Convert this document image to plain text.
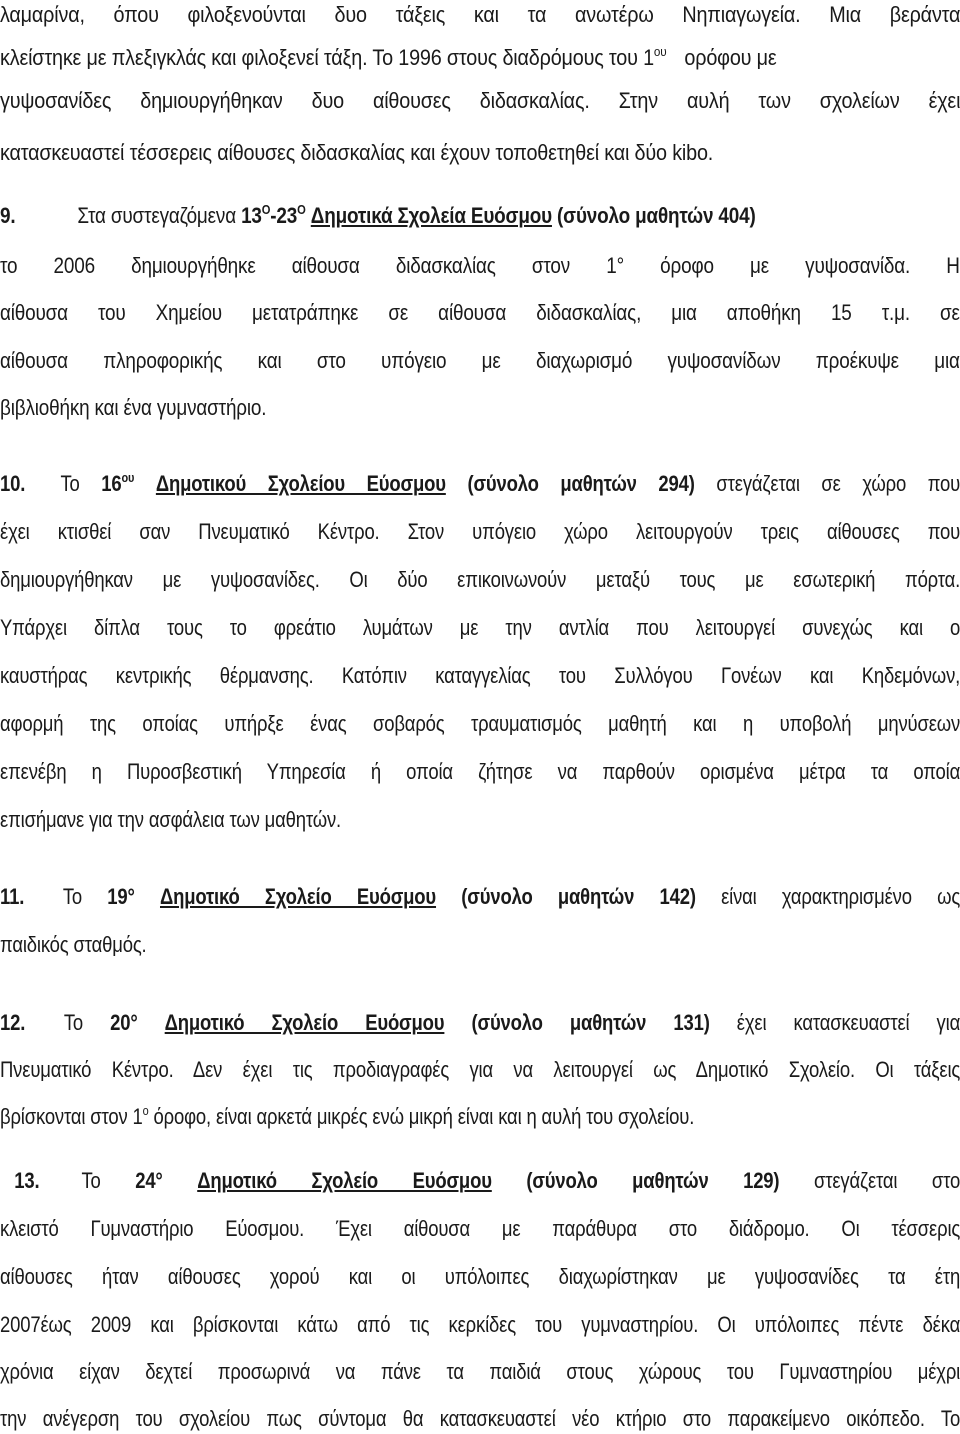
λαμαρίνα, όπου φιλοξενούνται δυο τάξεις και τα ανωτέρω Νηπιαγωγεία. Μια βεράντα
κλείστηκε με πλεξιγκλάς και φιλοξενεί τάξη. Το 1996 στους διαδρόμους του $1^{o\upsilon}$ ορόφου με
γυψοσανίδες δημιουργήθηκαν δυο αίθουσες διδασκαλίας. Στην αυλή των σχολείων έχει
κατασκευαστεί τέσσερεις αίθουσες διδασκαλίας και έχουν τοποθετηθεί και δύο kibo.
9.	Στα συστεγαζόμενα $13^O-23^O$ Δημοτικά Σχολεία Ευόσμου (σύνολο μαθητών 404)
το 2006 δημιουργήθηκε αίθουσα διδασκαλίας στον 1° όροφο με γυψοσανίδα. Η
αίθουσα του Χημείου μετατράπηκε σε αίθουσα διδασκαλίας, μια αποθήκη 15 τ.μ. σε
αίθουσα πληροφορικής και στο υπόγειο με διαχωρισμό γυψοσανίδων προέκυψε μια
βιβλιοθήκη και ένα γυμναστήριο.
10. Το $16^{o\upsilon}$ Δημοτικού Σχολείου Εύοσμου (σύνολο μαθητών 294) στεγάζεται σε χώρο που
έχει κτισθεί σαν Πνευματικό Κέντρο. Στον υπόγειο χώρο λειτουργούν τρεις αίθουσες που
δημιουργήθηκαν με γυψοσανίδες. Οι δύο επικοινωνούν μεταξύ τους με εσωτερική πόρτα.
Υπάρχει δίπλα τους το φρεάτιο λυμάτων με την αντλία που λειτουργεί συνεχώς και ο
καυστήρας κεντρικής θέρμανσης. Κατόπιν καταγγελίας του Συλλόγου Γονέων και Κηδεμόνων,
αφορμή της οποίας υπήρξε ένας σοβαρός τραυματισμός μαθητή και η υποβολή μηνύσεων
επενέβη η Πυροσβεστική Υπηρεσία ή οποία ζήτησε να παρθούν ορισμένα μέτρα τα οποία
επισήμανε για την ασφάλεια των μαθητών.
11. Το 19° Δημοτικό Σχολείο Ευόσμου (σύνολο μαθητών 142) είναι χαρακτηρισμένο ως
παιδικός σταθμός.
12. Το 20° Δημοτικό Σχολείο Ευόσμου (σύνολο μαθητών 131) έχει κατασκευαστεί για
Πνευματικό Κέντρο. Δεν έχει τις προδιαγραφές για να λειτουργεί ως Δημοτικό Σχολείο. Οι τάξεις
βρίσκονται στον $1^o$ όροφο, είναι αρκετά μικρές ενώ μικρή είναι και η αυλή του σχολείου.
13. Το 24° Δημοτικό Σχολείο Ευόσμου (σύνολο μαθητών 129) στεγάζεται στο
κλειστό Γυμναστήριο Εύοσμου. Έχει αίθουσα με παράθυρα στο διάδρομο. Οι τέσσερις
αίθουσες ήταν αίθουσες χορού και οι υπόλοιπες διαχωρίστηκαν με γυψοσανίδες τα έτη
2007έως 2009 και βρίσκονται κάτω από τις κερκίδες του γυμναστηρίου. Οι υπόλοιπες πέντε δέκα
χρόνια είχαν δεχτεί προσωρινά να πάνε τα παιδιά στους χώρους του Γυμναστηρίου μέχρι
την ανέγερση του σχολείου πως σύντομα θα κατασκευαστεί νέο κτήριο στο παρακείμενο οικόπεδο. Το
